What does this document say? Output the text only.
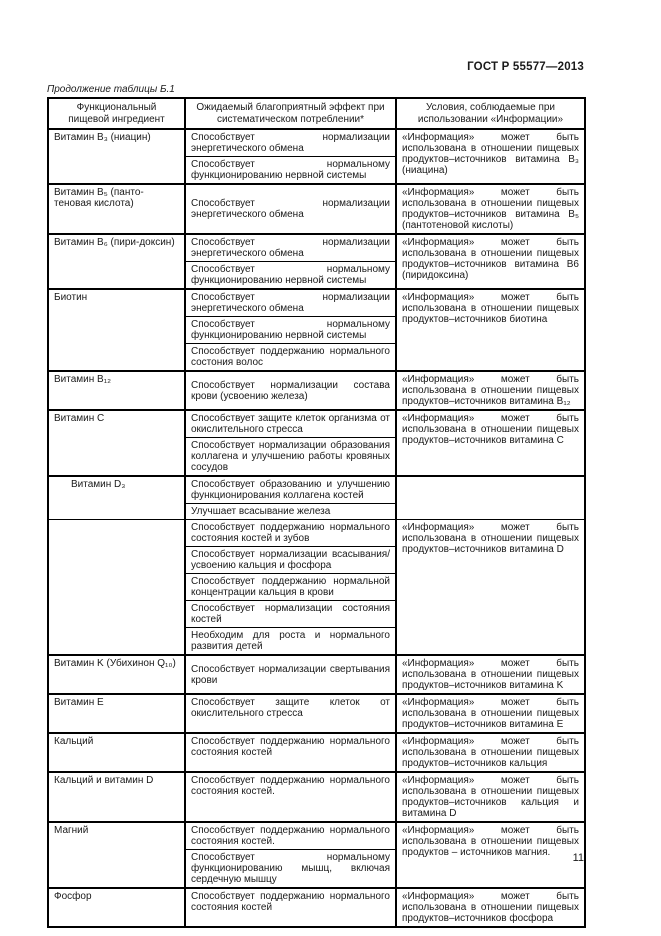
ГОСТ Р 55577—2013
Продолжение таблицы Б.1
Функциональный пищевой ингредиент	Ожидаемый благоприятный эффект при систематическом потреблении*	Условия, соблюдаемые при использовании «Информации»
Витамин B₃ (ниацин)	Способствует нормализации энергетического обмена	«Информация» может быть использована в отношении пищевых продуктов–источников витамина B₃ (ниацина)
	Способствует нормальному функционированию нервной системы	
Витамин B₅ (панто-теновая кислота)	Способствует нормализации энергетического обмена	«Информация» может быть использована в отношении пищевых продуктов–источников витамина B₅ (пантотеновой кислоты)
Витамин B₆ (пири-доксин)	Способствует нормализации энергетического обмена	«Информация» может быть использована в отношении пищевых продуктов–источников витамина B6 (пиридоксина)
	Способствует нормальному функционированию нервной системы	
Биотин	Способствует нормализации энергетического обмена	«Информация» может быть использована в отношении пищевых продуктов–источников биотина
	Способствует нормальному функционированию нервной системы	
	Способствует поддержанию нормального состония волос	
Витамин B₁₂	Способствует нормализации состава крови (усвоению железа)	«Информация» может быть использована в отношении пищевых продуктов–источников витамина B₁₂
Витамин C	Способствует защите клеток организма от окислительного стресса	«Информация» может быть использована в отношении пищевых продуктов–источников витамина C
	Способствует нормализации образования коллагена и улучшению работы кровяных сосудов	
Витамин D₃	Способствует образованию и улучшению функционирования коллагена костей	
	Улучшает всасывание железа	
	Способствует поддержанию нормального состояния костей и зубов	«Информация» может быть использована в отношении пищевых продуктов–источников витамина D
	Способствует нормализации всасывания/усвоению кальция и фосфора	
	Способствует поддержанию нормальной концентрации кальция в крови	
	Способствует нормализации состояния костей	
	Необходим для роста и нормального развития детей	
Витамин K (Убихинон Q₁₀)	Способствует нормализации свертывания крови	«Информация» может быть использована в отношении пищевых продуктов–источников витамина K
Витамин E	Способствует защите клеток от окислительного стресса	«Информация» может быть использована в отношении пищевых продуктов–источников витамина E
Кальций	Способствует поддержанию нормального состояния костей	«Информация» может быть использована в отношении пищевых продуктов–источников кальция
Кальций и витамин D	Способствует поддержанию нормального состояния костей.	«Информация» может быть использована в отношении пищевых продуктов–источников кальция и витамина D
Магний	Способствует поддержанию нормального состояния костей.	«Информация» может быть использована в отношении пищевых продуктов – источников магния.
	Способствует нормальному функционированию мышц, включая сердечную мышцу	
Фосфор	Способствует поддержанию нормального состояния костей	«Информация» может быть использована в отношении пищевых продуктов–источников фосфора
11
